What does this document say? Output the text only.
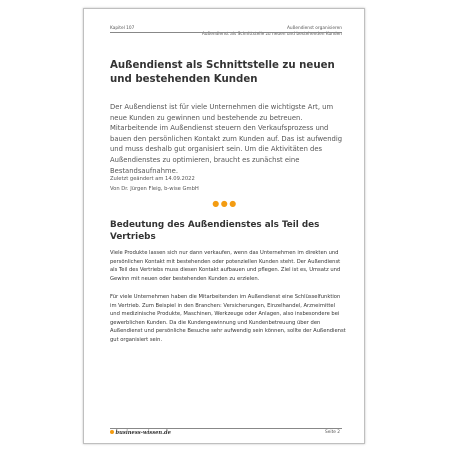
Kapitel 107	Außendienst organisieren
Außendienst als Schnittstelle zu neuen und bestehenden Kunden
Außendienst als Schnittstelle zu neuen und bestehenden Kunden
Der Außendienst ist für viele Unternehmen die wichtigste Art, um neue Kunden zu gewinnen und bestehende zu betreuen. Mitarbeitende im Außendienst steuern den Verkaufsprozess und bauen den persönlichen Kontakt zum Kunden auf. Das ist aufwendig und muss deshalb gut organisiert sein. Um die Aktivitäten des Außendienstes zu optimieren, braucht es zunächst eine Bestandsaufnahme.
Zuletzt geändert am 14.09.2022
Von Dr. Jürgen Fleig, b-wise GmbH
●●●
Bedeutung des Außendienstes als Teil des Vertriebs
Viele Produkte lassen sich nur dann verkaufen, wenn das Unternehmen im direkten und persönlichen Kontakt mit bestehenden oder potenziellen Kunden steht. Der Außendienst als Teil des Vertriebs muss diesen Kontakt aufbauen und pflegen. Ziel ist es, Umsatz und Gewinn mit neuen oder bestehenden Kunden zu erzielen.
Für viele Unternehmen haben die Mitarbeitenden im Außendienst eine Schlüsselfunktion im Vertrieb. Zum Beispiel in den Branchen: Versicherungen, Einzelhandel, Arzneimittel und medizinische Produkte, Maschinen, Werkzeuge oder Anlagen, also insbesondere bei gewerblichen Kunden. Da die Kundengewinnung und Kundenbetreuung über den Außendienst und persönliche Besuche sehr aufwendig sein können, sollte der Außendienst gut organisiert sein.
business-wissen.de	Seite 2
